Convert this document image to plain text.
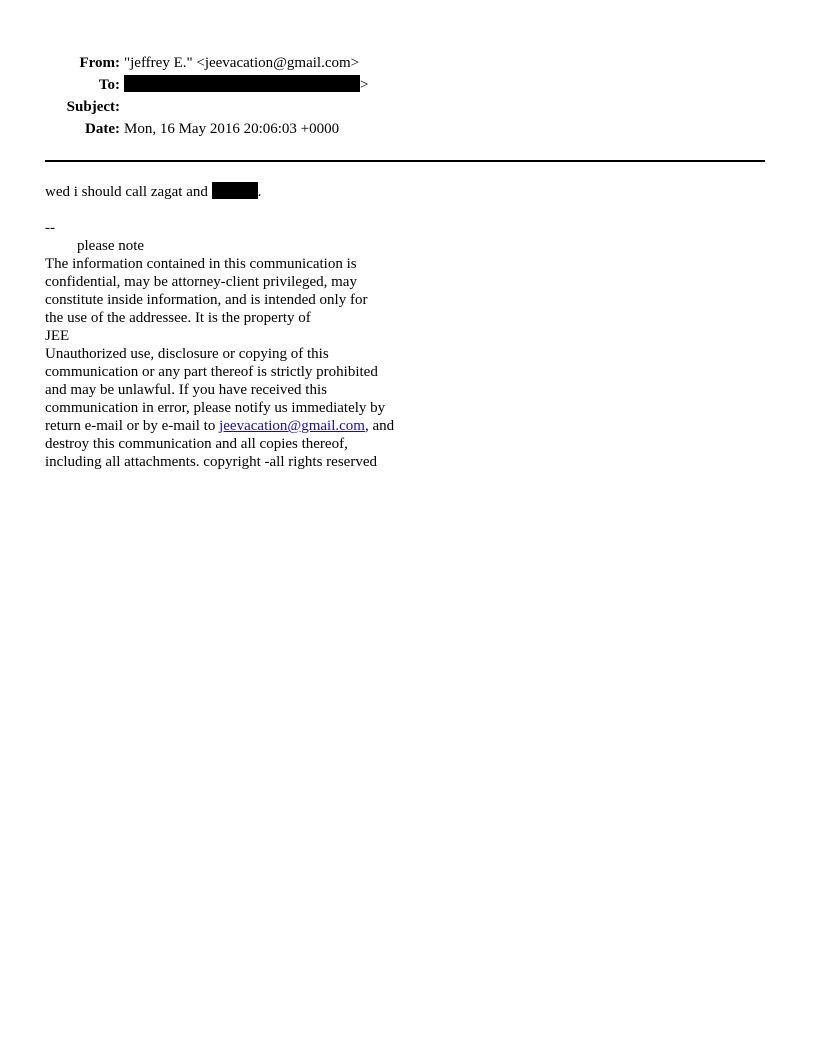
From: "jeffrey E." <jeevacation@gmail.com>
To:	>
Subject:
Date: Mon, 16 May 2016 20:06:03 +0000
wed i should call zagat and	.
--
please note
The information contained in this communication is
confidential, may be attorney-client privileged, may
constitute inside information, and is intended only for
the use of the addressee. It is the property of
JEE
Unauthorized use, disclosure or copying of this
communication or any part thereof is strictly prohibited
and may be unlawful. If you have received this
communication in error, please notify us immediately by
return e-mail or by e-mail to jeevacation@gmail.com, and
destroy this communication and all copies thereof,
including all attachments. copyright -all rights reserved
